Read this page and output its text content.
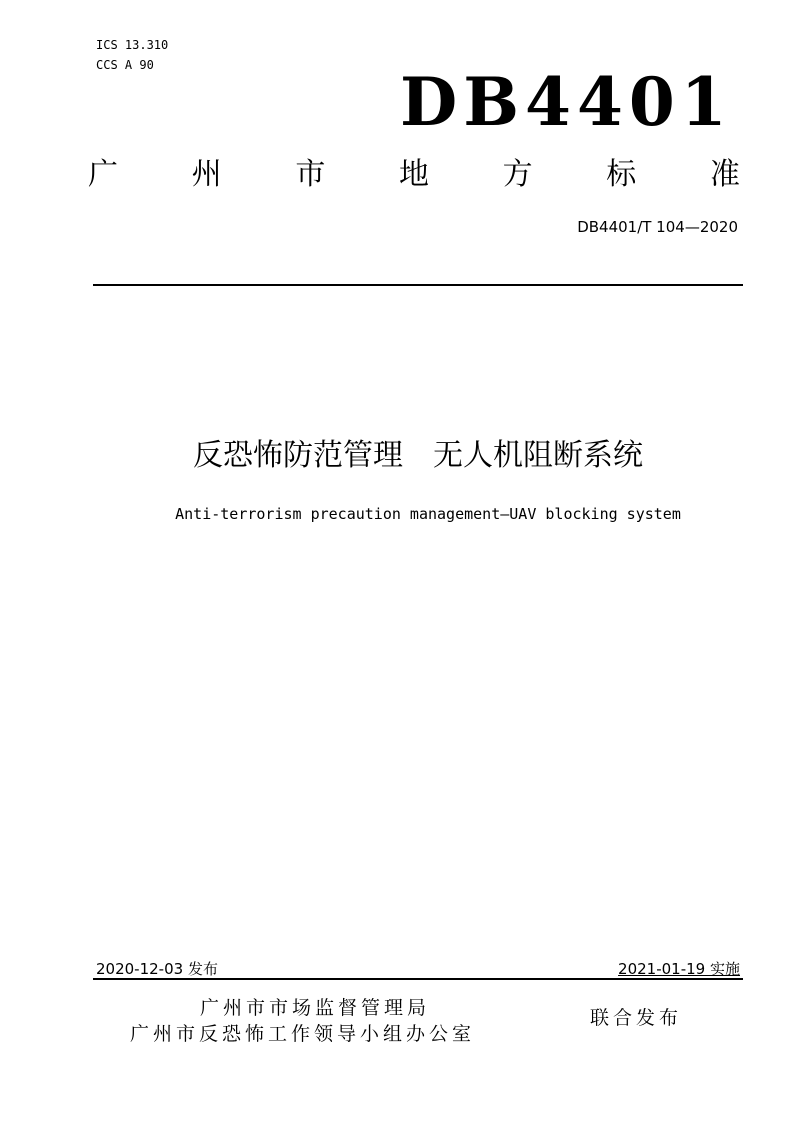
ICS 13.310
CCS A 90	DB4401
广 州 市 地 方 标 准
DB4401/T 104—2020
反恐怖防范管理　无人机阻断系统
Anti-terrorism precaution management—UAV blocking system
2020-12-03 发布	2021-01-19 实施
广州市市场监督管理局
广州市反恐怖工作领导小组办公室
联合发布
